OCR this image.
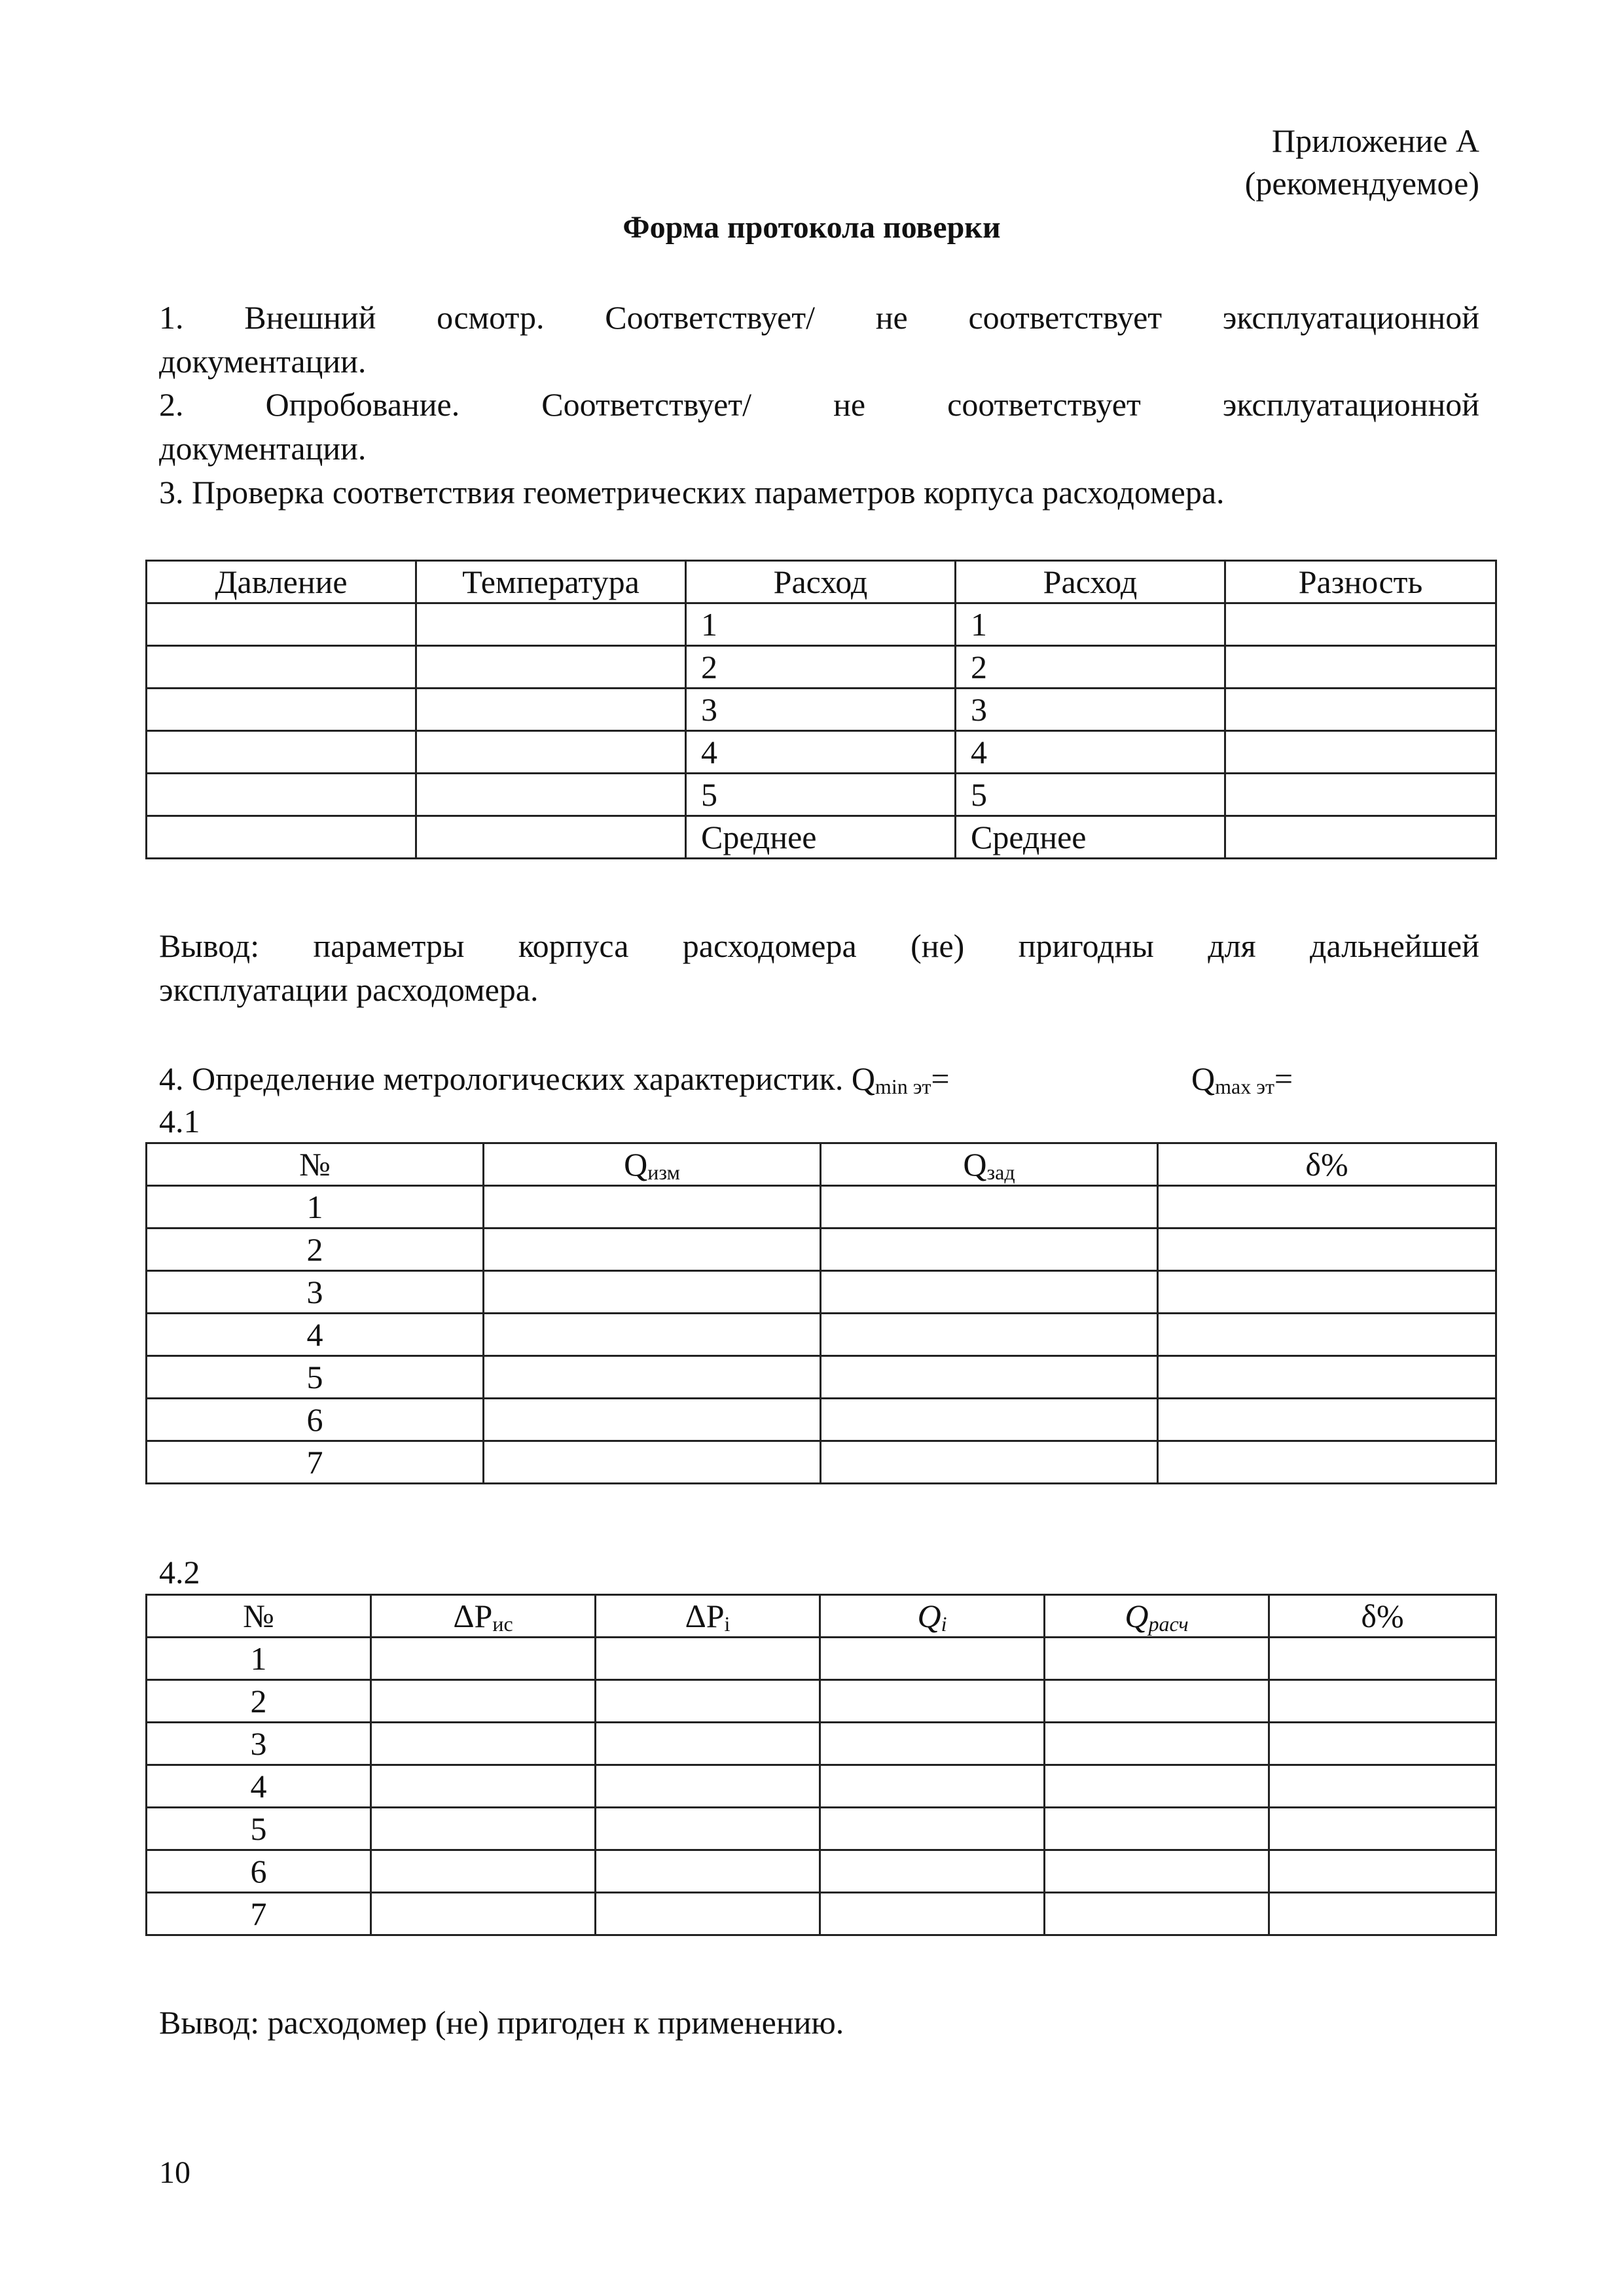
Приложение А
(рекомендуемое)
Форма протокола поверки
1. Внешний осмотр. Соответствует/ не соответствует эксплуатационной
документации.
2. Опробование. Соответствует/ не соответствует эксплуатационной
документации.
3. Проверка соответствия геометрических параметров корпуса расходомера.
Давление	Температура	Расход	Расход	Разность
		1	1	
		2	2	
		3	3	
		4	4	
		5	5	
		Среднее	Среднее	
Вывод: параметры корпуса расходомера (не) пригодны для дальнейшей
эксплуатации расходомера.
4. Определение метрологических характеристик. $Q_{min эт}=$	$Q_{max эт}=$
4.1
№	$Q_{изм}$	$Q_{зад}$	δ%
1			
2			
3			
4			
5			
6			
7			
4.2
№	$\Delta P_{ис}$	$\Delta P_i$	$Q_i$	$Q_{расч}$	δ%
1					
2					
3					
4					
5					
6					
7					
Вывод: расходомер (не) пригоден к применению.
10
